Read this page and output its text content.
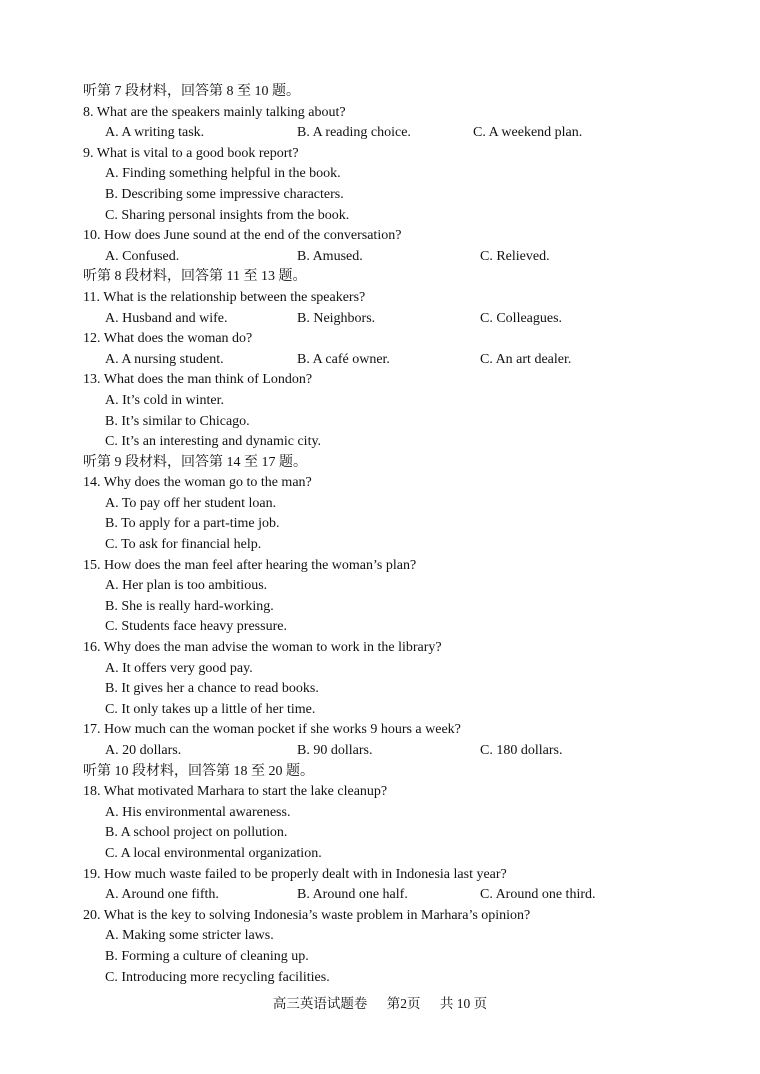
听第 7 段材料，回答第 8 至 10 题。
8. What are the speakers mainly talking about?
A. A writing task.	B. A reading choice.	C. A weekend plan.
9. What is vital to a good book report?
A. Finding something helpful in the book.
B. Describing some impressive characters.
C. Sharing personal insights from the book.
10. How does June sound at the end of the conversation?
A. Confused.	B. Amused.	C. Relieved.
听第 8 段材料，回答第 11 至 13 题。
11. What is the relationship between the speakers?
A. Husband and wife.	B. Neighbors.	C. Colleagues.
12. What does the woman do?
A. A nursing student.	B. A café owner.	C. An art dealer.
13. What does the man think of London?
A. It’s cold in winter.
B. It’s similar to Chicago.
C. It’s an interesting and dynamic city.
听第 9 段材料，回答第 14 至 17 题。
14. Why does the woman go to the man?
A. To pay off her student loan.
B. To apply for a part-time job.
C. To ask for financial help.
15. How does the man feel after hearing the woman’s plan?
A. Her plan is too ambitious.
B. She is really hard-working.
C. Students face heavy pressure.
16. Why does the man advise the woman to work in the library?
A. It offers very good pay.
B. It gives her a chance to read books.
C. It only takes up a little of her time.
17. How much can the woman pocket if she works 9 hours a week?
A. 20 dollars.	B. 90 dollars.	C. 180 dollars.
听第 10 段材料，回答第 18 至 20 题。
18. What motivated Marhara to start the lake cleanup?
A. His environmental awareness.
B. A school project on pollution.
C. A local environmental organization.
19. How much waste failed to be properly dealt with in Indonesia last year?
A. Around one fifth.	B. Around one half.	C. Around one third.
20. What is the key to solving Indonesia’s waste problem in Marhara’s opinion?
A. Making some stricter laws.
B. Forming a culture of cleaning up.
C. Introducing more recycling facilities.
高三英语试题卷 第2页 共 10 页
